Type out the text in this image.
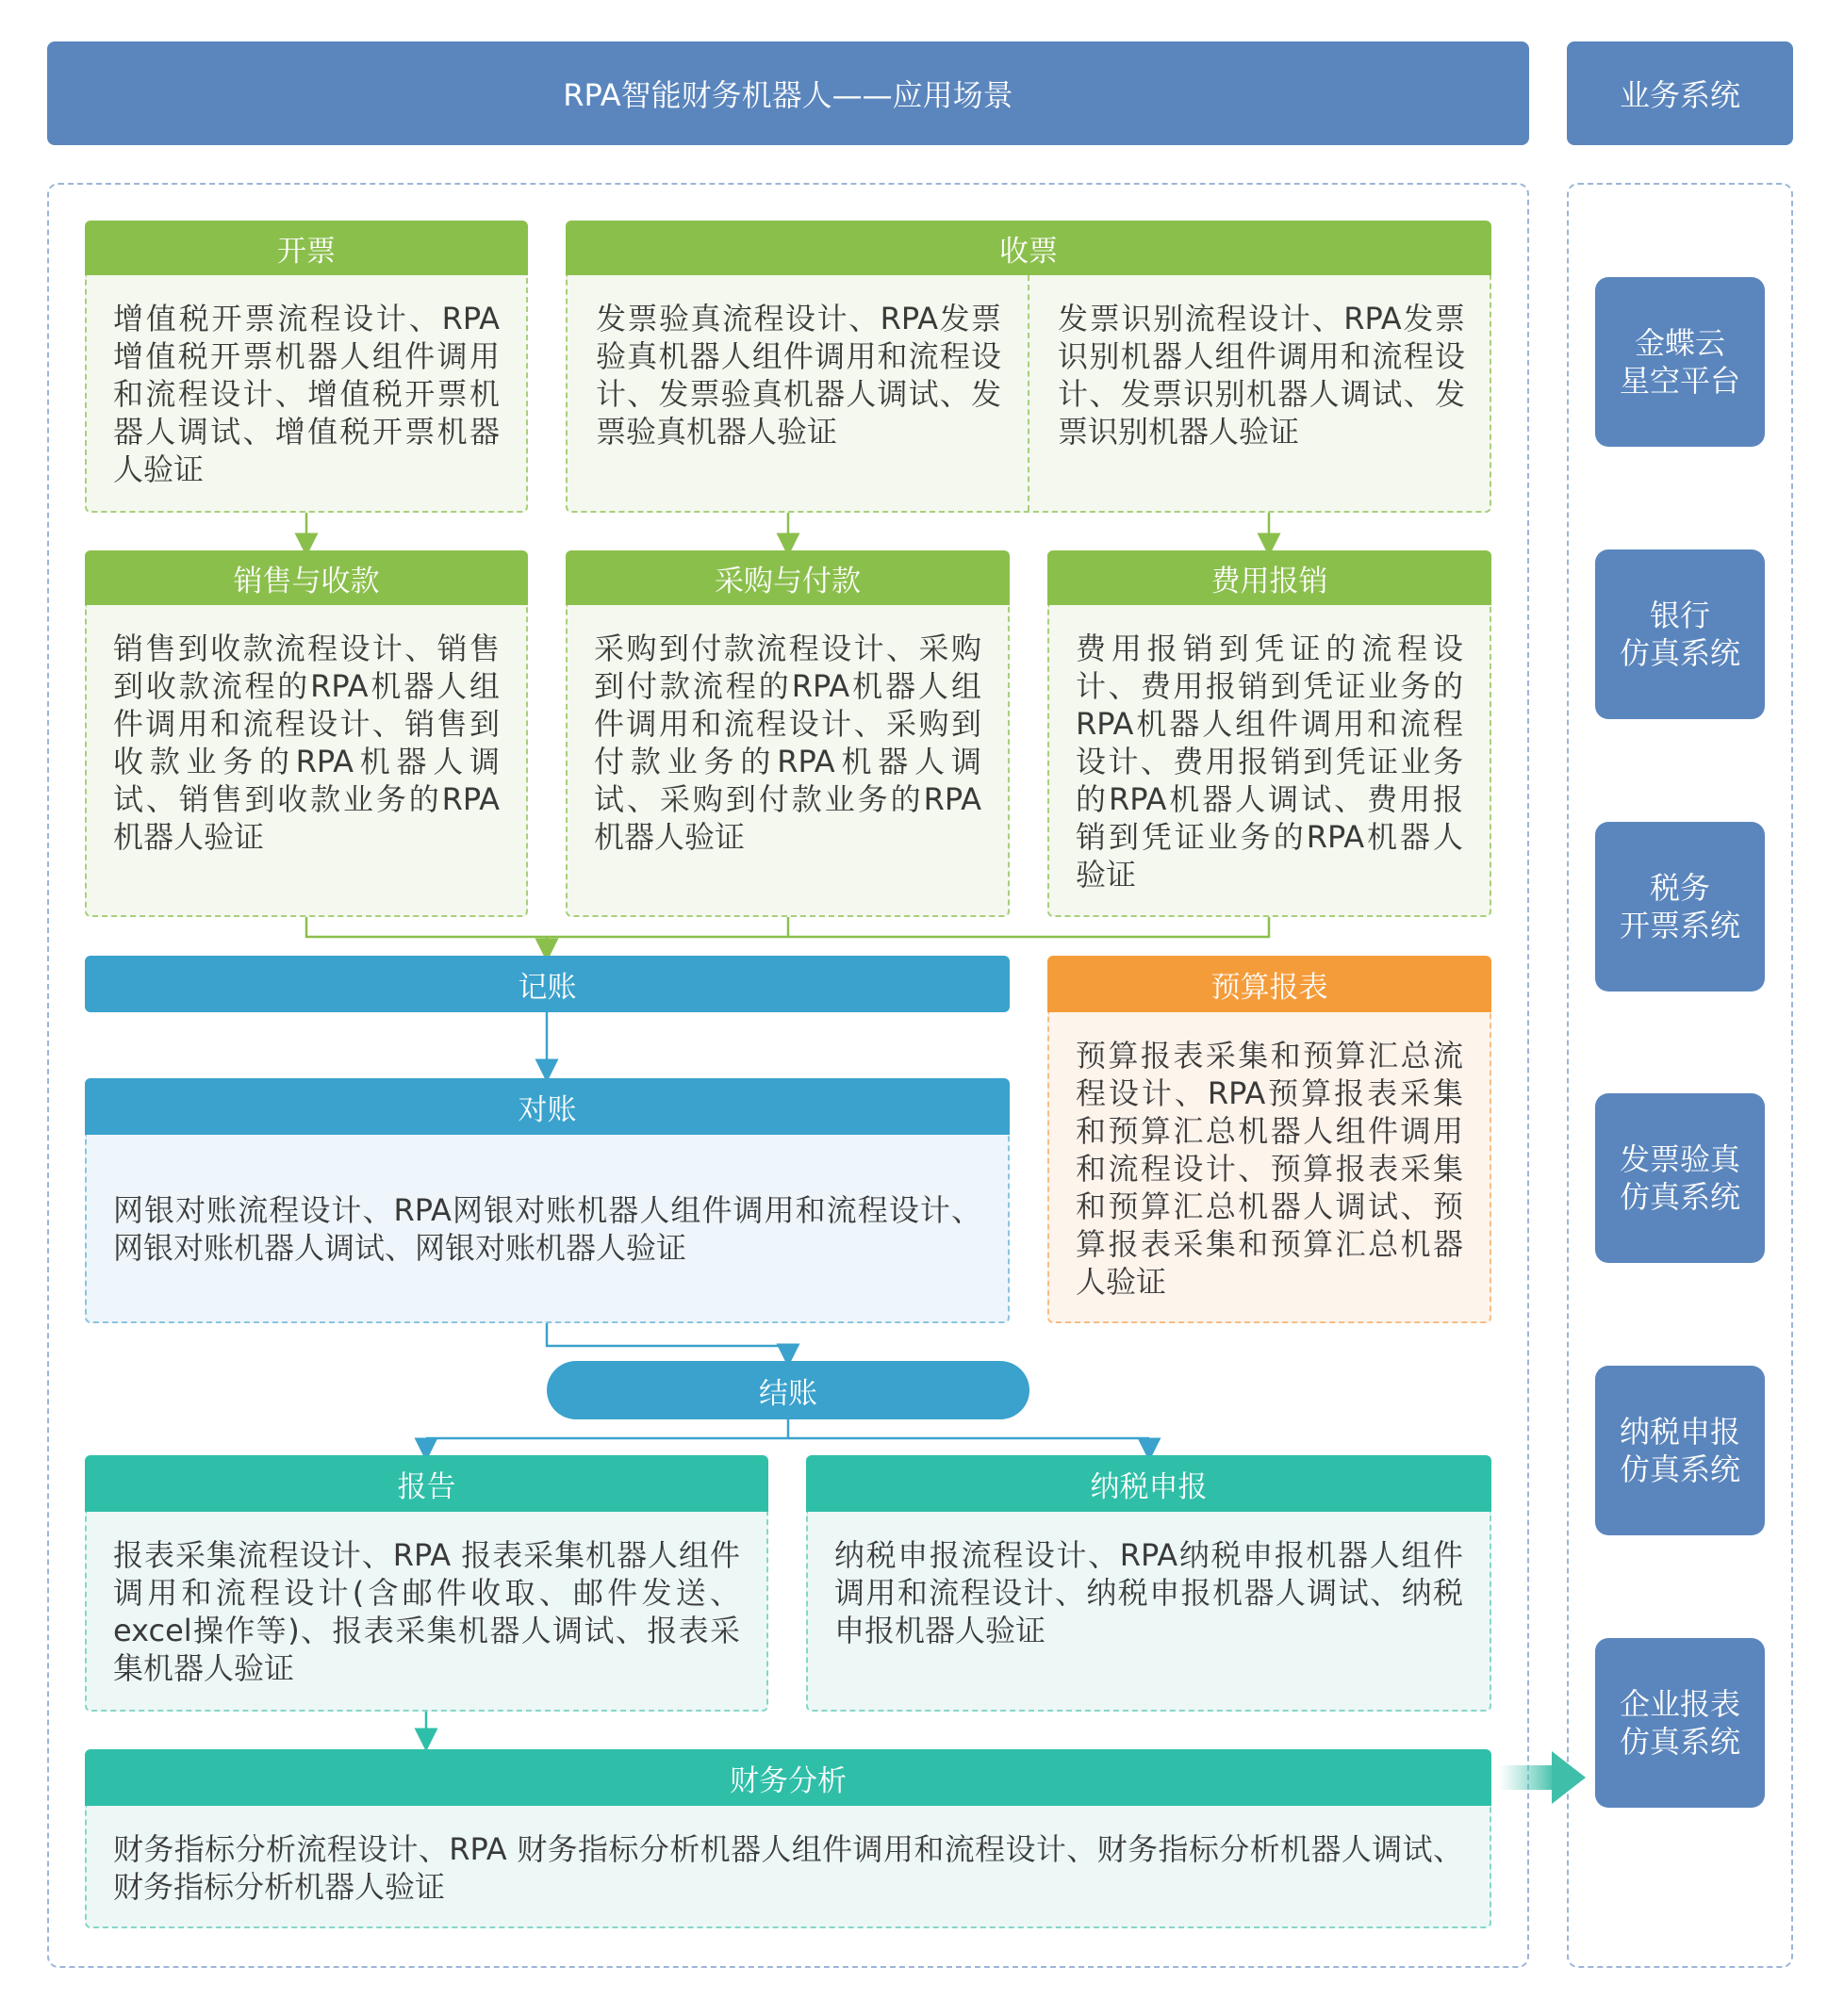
RPA智能财务机器人——应用场景	业务系统
开票
增值税开票流程设计、RPA增值税开票机器人组件调用和流程设计、增值税开票机器人调试、增值税开票机器人验证
收票
发票验真流程设计、RPA发票验真机器人组件调用和流程设计、发票验真机器人调试、发票验真机器人验证
发票识别流程设计、RPA发票识别机器人组件调用和流程设计、发票识别机器人调试、发票识别机器人验证
销售与收款
销售到收款流程设计、销售到收款流程的RPA机器人组件调用和流程设计、销售到收款业务的RPA机器人调试、销售到收款业务的RPA机器人验证
采购与付款
采购到付款流程设计、采购到付款流程的RPA机器人组件调用和流程设计、采购到付款业务的RPA机器人调试、采购到付款业务的RPA机器人验证
费用报销
费用报销到凭证的流程设计、费用报销到凭证业务的RPA机器人组件调用和流程设计、费用报销到凭证业务的RPA机器人调试、费用报销到凭证业务的RPA机器人验证
记账	预算报表
预算报表采集和预算汇总流程设计、RPA预算报表采集和预算汇总机器人组件调用和流程设计、预算报表采集和预算汇总机器人调试、预算报表采集和预算汇总机器人验证
对账
网银对账流程设计、RPA网银对账机器人组件调用和流程设计、网银对账机器人调试、网银对账机器人验证
结账
报告
报表采集流程设计、RPA 报表采集机器人组件调用和流程设计(含邮件收取、邮件发送、excel操作等)、报表采集机器人调试、报表采集机器人验证
纳税申报
纳税申报流程设计、RPA纳税申报机器人组件调用和流程设计、纳税申报机器人调试、纳税申报机器人验证
财务分析
财务指标分析流程设计、RPA 财务指标分析机器人组件调用和流程设计、财务指标分析机器人调试、财务指标分析机器人验证
金蝶云
星空平台
银行
仿真系统
税务
开票系统
发票验真
仿真系统
纳税申报
仿真系统
企业报表
仿真系统
